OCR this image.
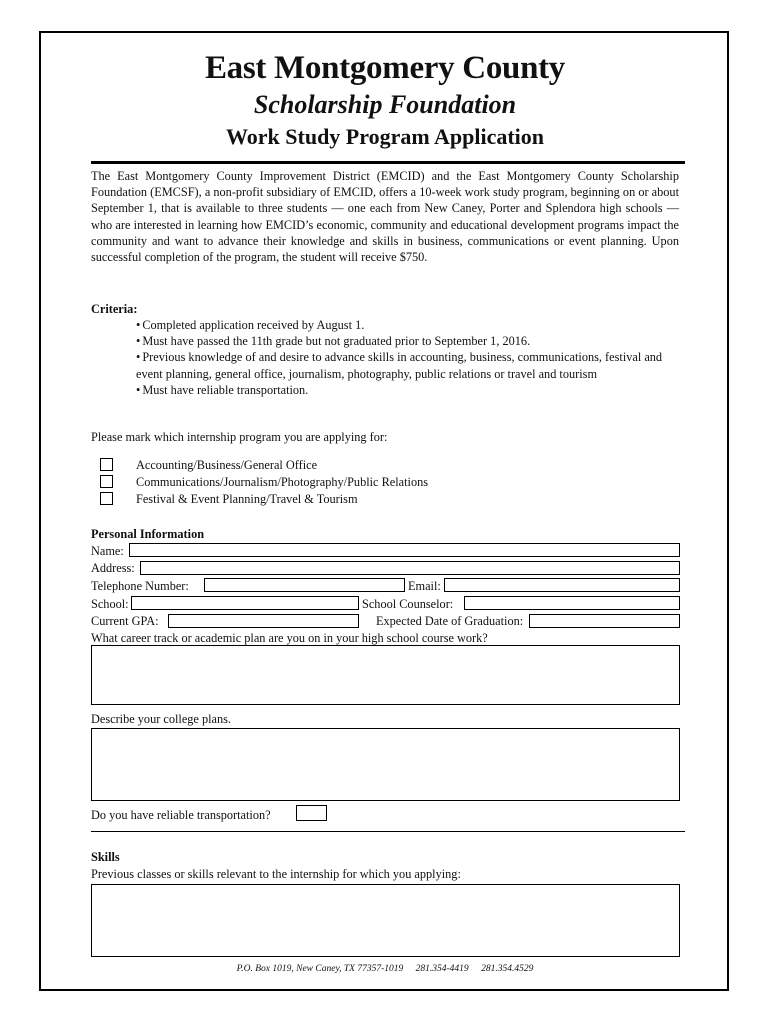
East Montgomery County
Scholarship Foundation
Work Study Program Application
The East Montgomery County Improvement District (EMCID) and the East Montgomery County Scholarship Foundation (EMCSF), a non-profit subsidiary of EMCID, offers a 10-week work study program, beginning on or about September 1, that is available to three students — one each from New Caney, Porter and Splendora high schools — who are interested in learning how EMCID’s economic, community and educational development programs impact the community and want to advance their knowledge and skills in business, communications or event planning. Upon successful completion of the program, the student will receive $750.
Criteria:
• Completed application received by August 1.
• Must have passed the 11th grade but not graduated prior to September 1, 2016.
• Previous knowledge of and desire to advance skills in accounting, business, communications, festival and event planning, general office, journalism, photography, public relations or travel and tourism
• Must have reliable transportation.
Please mark which internship program you are applying for:
Accounting/Business/General Office
Communications/Journalism/Photography/Public Relations
Festival & Event Planning/Travel & Tourism
Personal Information
Name:
Address:
Telephone Number:	Email:
School:	School Counselor:
Current GPA:	Expected Date of Graduation:
What career track or academic plan are you on in your high school course work?
Describe your college plans.
Do you have reliable transportation?
Skills
Previous classes or skills relevant to the internship for which you applying:
P.O. Box 1019, New Caney, TX 77357-1019 281.354-4419 281.354.4529
